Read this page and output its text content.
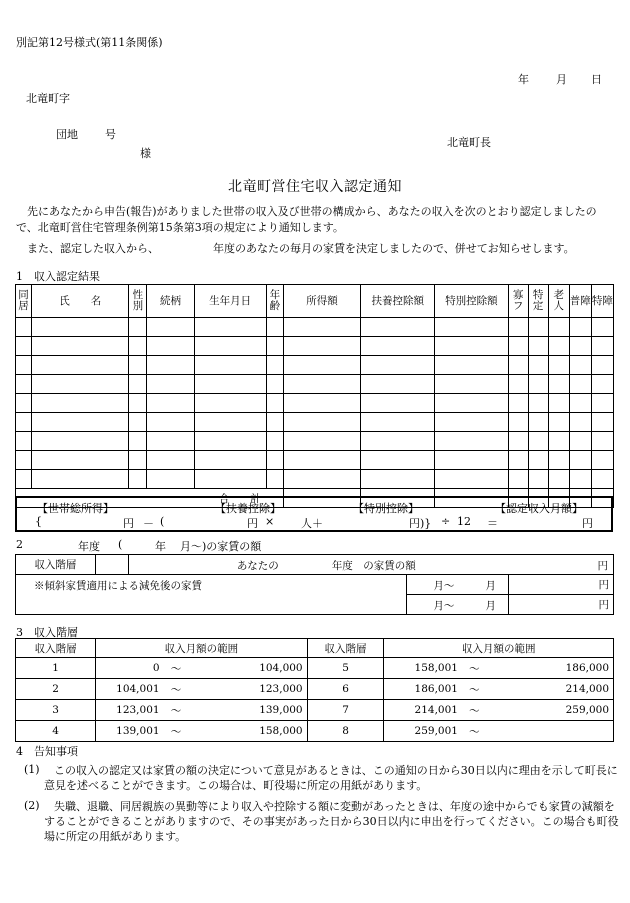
別記第12号様式(第11条関係)
年 月 日
北竜町字
団地 号
様
北竜町長
北竜町営住宅収入認定通知
先にあなたから申告(報告)がありました世帯の収入及び世帯の構成から、あなたの収入を次のとおり認定しましたので、北竜町営住宅管理条例第15条第3項の規定により通知します。
また、認定した収入から、	年度のあなたの毎月の家賃を決定しましたので、併せてお知らせします。
1　収入認定結果
同居	氏　　名	性別	続柄	生年月日	年齢	所得額	扶養控除額	特別控除額	寡フ	特定	老人	普障	特障

合　　計													
【世帯総所得】	【扶養控除】	【特別控除】	【認定収入月額】
{	円 － (	円 × 人＋	円)} ÷ 12 ＝	円
2	年度 (	年 月～)の家賃の額
収入階層		あなたの 年度　の家賃の額 円		

※傾斜家賃適用による減免後の家賃			月～ 月	円

			月～ 月	円
3　収入階層
収入階層	収入月額の範囲			収入階層	収入月額の範囲		
1	0	～	104,000	5	158,001	～	186,000
2	104,001	～	123,000	6	186,001	～	214,000
3	123,001	～	139,000	7	214,001	～	259,000
4	139,001	～	158,000	8	259,001	～	
4　告知事項
(1)	この収入の認定又は家賃の額の決定について意見があるときは、この通知の日から30日以内に理由を示して町長に意見を述べることができます。この場合は、町役場に所定の用紙があります。
(2)	失職、退職、同居親族の異動等により収入や控除する額に変動があったときは、年度の途中からでも家賃の減額をすることができることがありますので、その事実があった日から30日以内に申出を行ってください。この場合も町役場に所定の用紙があります。
